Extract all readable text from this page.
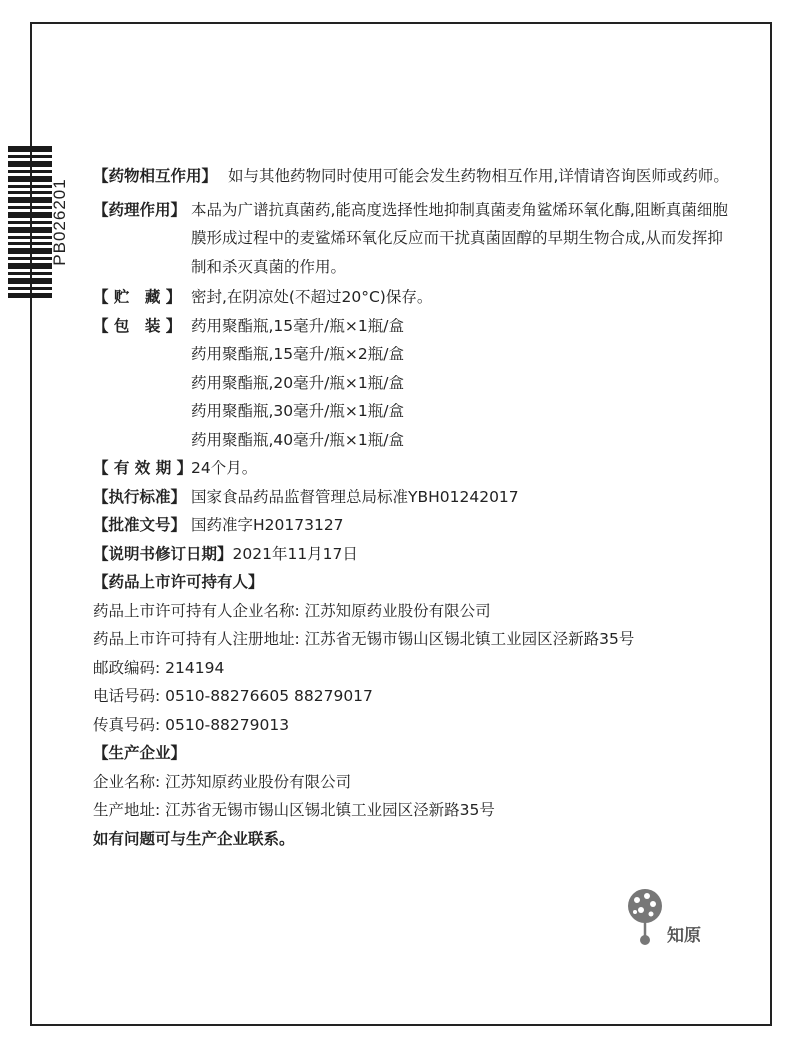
PB026201
【药物相互作用】 如与其他药物同时使用可能会发生药物相互作用,详情请咨询医师或药师。
【药理作用】 本品为广谱抗真菌药,能高度选择性地抑制真菌麦角鲨烯环氧化酶,阻断真菌细胞膜形成过程中的麦鲨烯环氧化反应而干扰真菌固醇的早期生物合成,从而发挥抑制和杀灭真菌的作用。
【 贮　藏 】 密封,在阴凉处(不超过20°C)保存。
【 包　装 】 药用聚酯瓶,15毫升/瓶×1瓶/盒
药用聚酯瓶,15毫升/瓶×2瓶/盒
药用聚酯瓶,20毫升/瓶×1瓶/盒
药用聚酯瓶,30毫升/瓶×1瓶/盒
药用聚酯瓶,40毫升/瓶×1瓶/盒
【 有 效 期 】
24个月。
【执行标准】 国家食品药品监督管理总局标准YBH01242017
【批准文号】 国药准字H20173127
【说明书修订日期】 2021年11月17日
【药品上市许可持有人】
药品上市许可持有人企业名称: 江苏知原药业股份有限公司
药品上市许可持有人注册地址: 江苏省无锡市锡山区锡北镇工业园区泾新路35号
邮政编码: 214194
电话号码: 0510-88276605 88279017
传真号码: 0510-88279013
【生产企业】
企业名称: 江苏知原药业股份有限公司
生产地址: 江苏省无锡市锡山区锡北镇工业园区泾新路35号
如有问题可与生产企业联系。
知原
